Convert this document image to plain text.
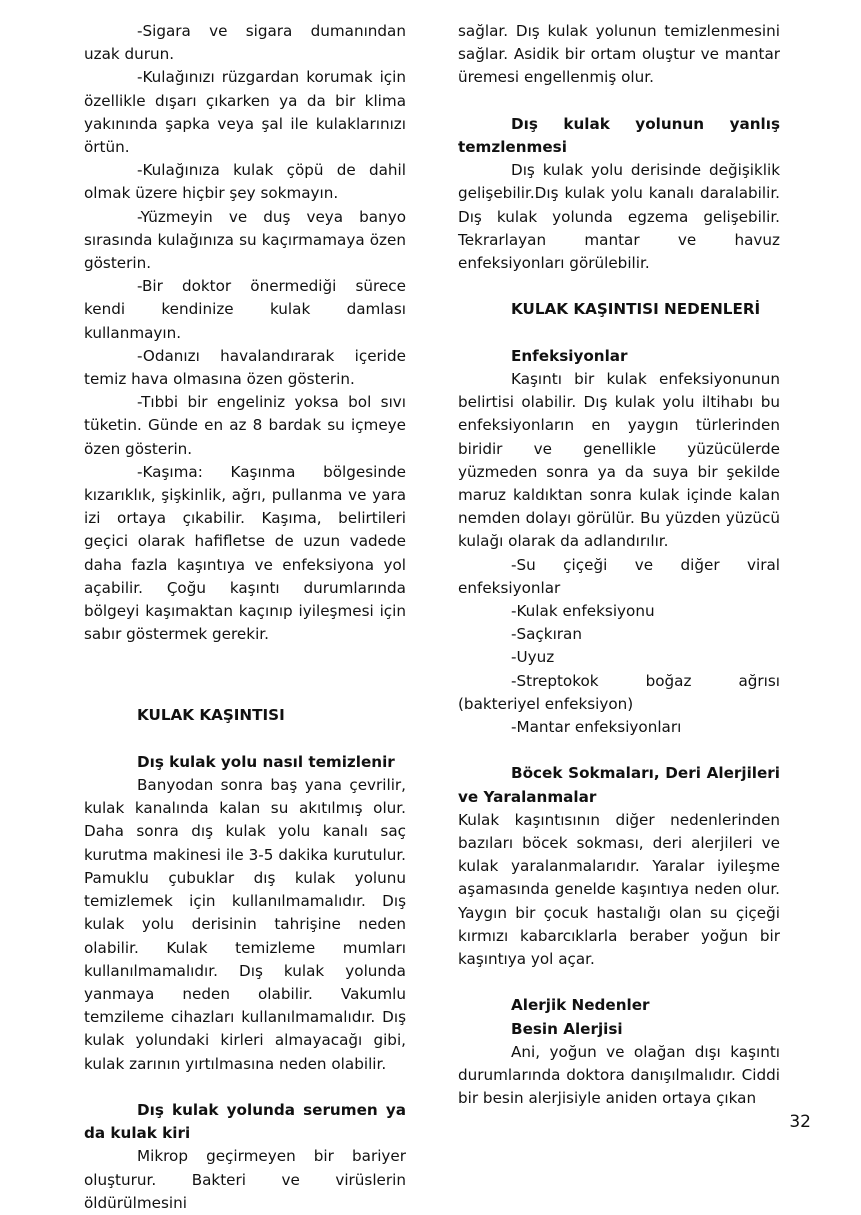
-Sigara ve sigara dumanından uzak durun.

-Kulağınızı rüzgardan korumak için özellikle dışarı çıkarken ya da bir klima yakınında şapka veya şal ile kulaklarınızı örtün.

-Kulağınıza kulak çöpü de dahil olmak üzere hiçbir şey sokmayın.

-Yüzmeyin ve duş veya banyo sırasında kulağınıza su kaçırmamaya özen gösterin.

-Bir doktor önermediği sürece kendi kendinize kulak damlası kullanmayın.

-Odanızı havalandırarak içeride temiz hava olmasına özen gösterin.

-Tıbbi bir engeliniz yoksa bol sıvı tüketin. Günde en az 8 bardak su içmeye özen gösterin.

-Kaşıma: Kaşınma bölgesinde kızarıklık, şişkinlik, ağrı, pullanma ve yara izi ortaya çıkabilir. Kaşıma, belirtileri geçici olarak hafifletse de uzun vadede daha fazla kaşıntıya ve enfeksiyona yol açabilir. Çoğu kaşıntı durumlarında bölgeyi kaşımaktan kaçınıp iyileşmesi için sabır göstermek gerekir.

KULAK KAŞINTISI

Dış kulak yolu nasıl temizlenir

Banyodan sonra baş yana çevrilir, kulak kanalında kalan su akıtılmış olur. Daha sonra dış kulak yolu kanalı saç kurutma makinesi ile 3-5 dakika kurutulur. Pamuklu çubuklar dış kulak yolunu temizlemek için kullanılmamalıdır. Dış kulak yolu derisinin tahrişine neden olabilir. Kulak temizleme mumları kullanılmamalıdır. Dış kulak yolunda yanmaya neden olabilir. Vakumlu temzileme cihazları kullanılmamalıdır. Dış kulak yolundaki kirleri almayacağı gibi, kulak zarının yırtılmasına neden olabilir.

Dış kulak yolunda serumen ya da kulak kiri

Mikrop geçirmeyen bir bariyer oluşturur. Bakteri ve virüslerin öldürülmesini

sağlar. Dış kulak yolunun temizlenmesini sağlar. Asidik bir ortam oluştur ve mantar üremesi engellenmiş olur.

Dış kulak yolunun yanlış temzlenmesi

Dış kulak yolu derisinde değişiklik gelişebilir.Dış kulak yolu kanalı daralabilir. Dış kulak yolunda egzema gelişebilir. Tekrarlayan mantar ve havuz enfeksiyonları görülebilir.

KULAK KAŞINTISI NEDENLERİ

Enfeksiyonlar

Kaşıntı bir kulak enfeksiyonunun belirtisi olabilir. Dış kulak yolu iltihabı bu enfeksiyonların en yaygın türlerinden biridir ve genellikle yüzücülerde yüzmeden sonra ya da suya bir şekilde maruz kaldıktan sonra kulak içinde kalan nemden dolayı görülür. Bu yüzden yüzücü kulağı olarak da adlandırılır.

-Su çiçeği ve diğer viral enfeksiyonlar

-Kulak enfeksiyonu

-Saçkıran

-Uyuz

-Streptokok boğaz ağrısı (bakteriyel enfeksiyon)

-Mantar enfeksiyonları

Böcek Sokmaları, Deri Alerjileri ve Yaralanmalar

Kulak kaşıntısının diğer nedenlerinden bazıları böcek sokması, deri alerjileri ve kulak yaralanmalarıdır. Yaralar iyileşme aşamasında genelde kaşıntıya neden olur. Yaygın bir çocuk hastalığı olan su çiçeği kırmızı kabarcıklarla beraber yoğun bir kaşıntıya yol açar.

Alerjik Nedenler

Besin Alerjisi

Ani, yoğun ve olağan dışı kaşıntı durumlarında doktora danışılmalıdır. Ciddi bir besin alerjisiyle aniden ortaya çıkan

32
